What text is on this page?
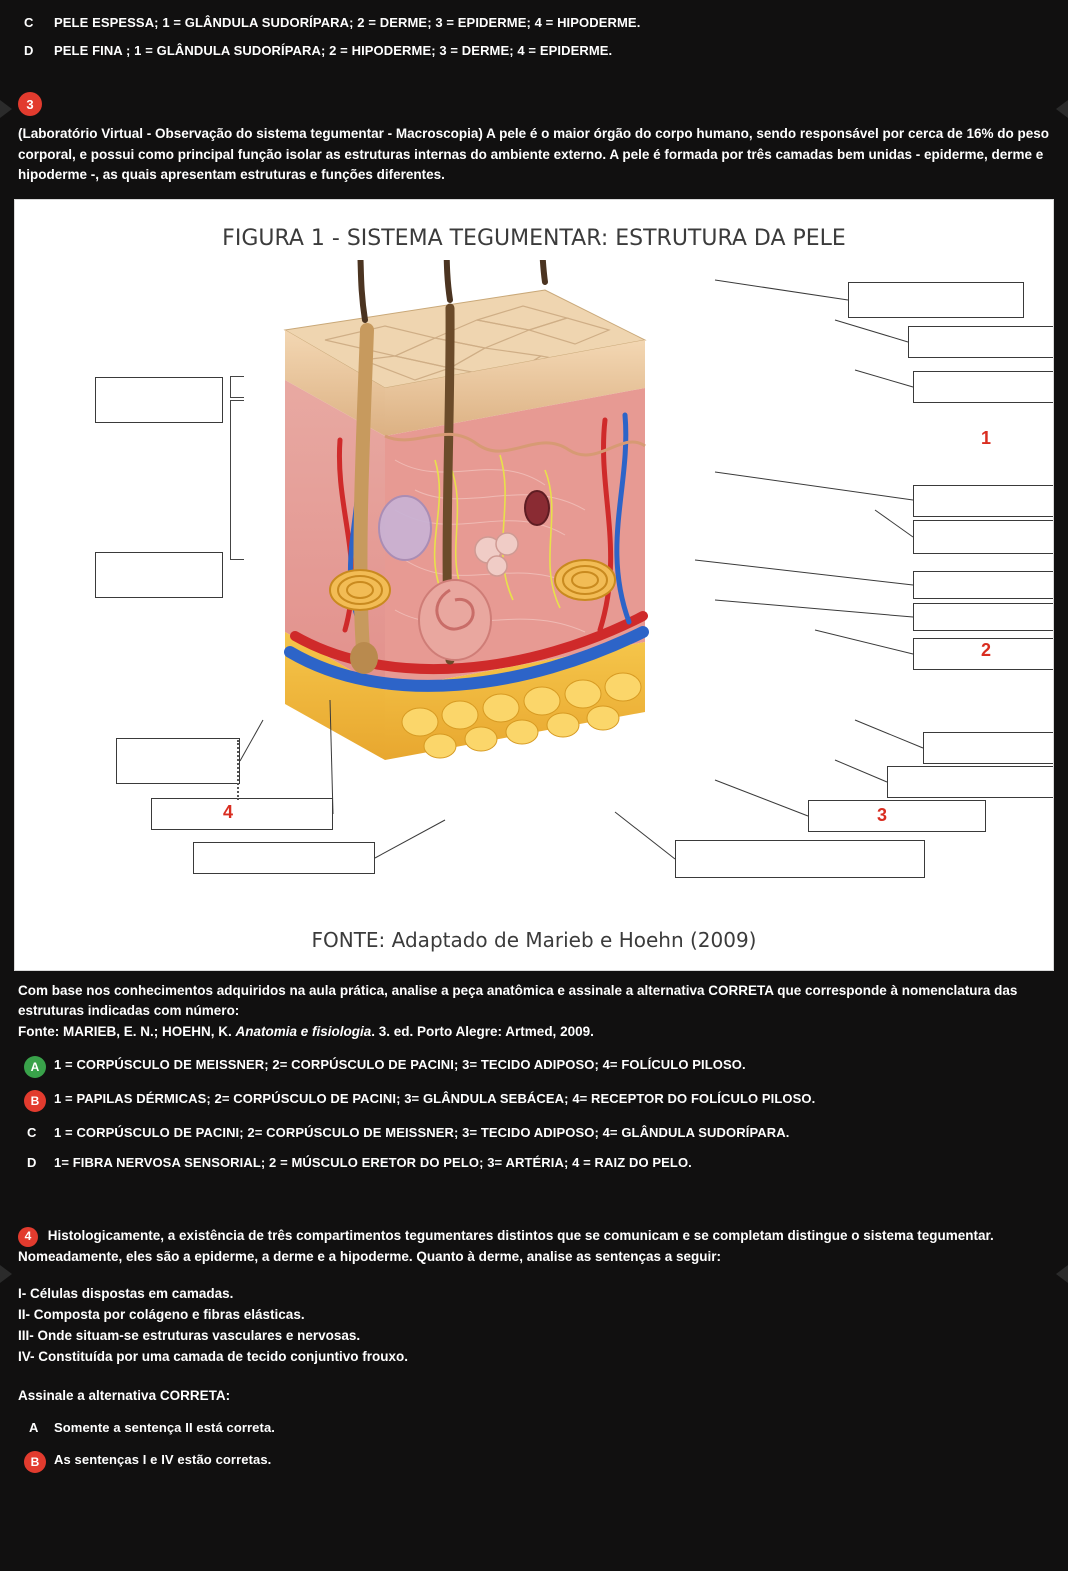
C	PELE ESPESSA; 1 = GLÂNDULA SUDORÍPARA; 2 = DERME; 3 = EPIDERME; 4 = HIPODERME.
D	PELE FINA ; 1 = GLÂNDULA SUDORÍPARA; 2 = HIPODERME; 3 = DERME; 4 = EPIDERME.
3
(Laboratório Virtual - Observação do sistema tegumentar - Macroscopia) A pele é o maior órgão do corpo humano, sendo responsável por cerca de 16% do peso corporal, e possui como principal função isolar as estruturas internas do ambiente externo. A pele é formada por três camadas bem unidas - epiderme, derme e hipoderme -, as quais apresentam estruturas e funções diferentes.
FIGURA 1 - SISTEMA TEGUMENTAR: ESTRUTURA DA PELE
1
2
3
4
FONTE: Adaptado de Marieb e Hoehn (2009)
Com base nos conhecimentos adquiridos na aula prática, analise a peça anatômica e assinale a alternativa CORRETA que corresponde à nomenclatura das estruturas indicadas com número:
Fonte: MARIEB, E. N.; HOEHN, K. Anatomia e fisiologia. 3. ed. Porto Alegre: Artmed, 2009.
A	1 = CORPÚSCULO DE MEISSNER; 2= CORPÚSCULO DE PACINI; 3= TECIDO ADIPOSO; 4= FOLÍCULO PILOSO.
B	1 = PAPILAS DÉRMICAS; 2= CORPÚSCULO DE PACINI; 3= GLÂNDULA SEBÁCEA; 4= RECEPTOR DO FOLÍCULO PILOSO.
C	1 = CORPÚSCULO DE PACINI; 2= CORPÚSCULO DE MEISSNER; 3= TECIDO ADIPOSO; 4= GLÂNDULA SUDORÍPARA.
D	1= FIBRA NERVOSA SENSORIAL; 2 = MÚSCULO ERETOR DO PELO; 3= ARTÉRIA; 4 = RAIZ DO PELO.
4 Histologicamente, a existência de três compartimentos tegumentares distintos que se comunicam e se completam distingue o sistema tegumentar. Nomeadamente, eles são a epiderme, a derme e a hipoderme. Quanto à derme, analise as sentenças a seguir:
I- Células dispostas em camadas.
II- Composta por colágeno e fibras elásticas.
III- Onde situam-se estruturas vasculares e nervosas.
IV- Constituída por uma camada de tecido conjuntivo frouxo.
Assinale a alternativa CORRETA:
A	Somente a sentença II está correta.
B	As sentenças I e IV estão corretas.
